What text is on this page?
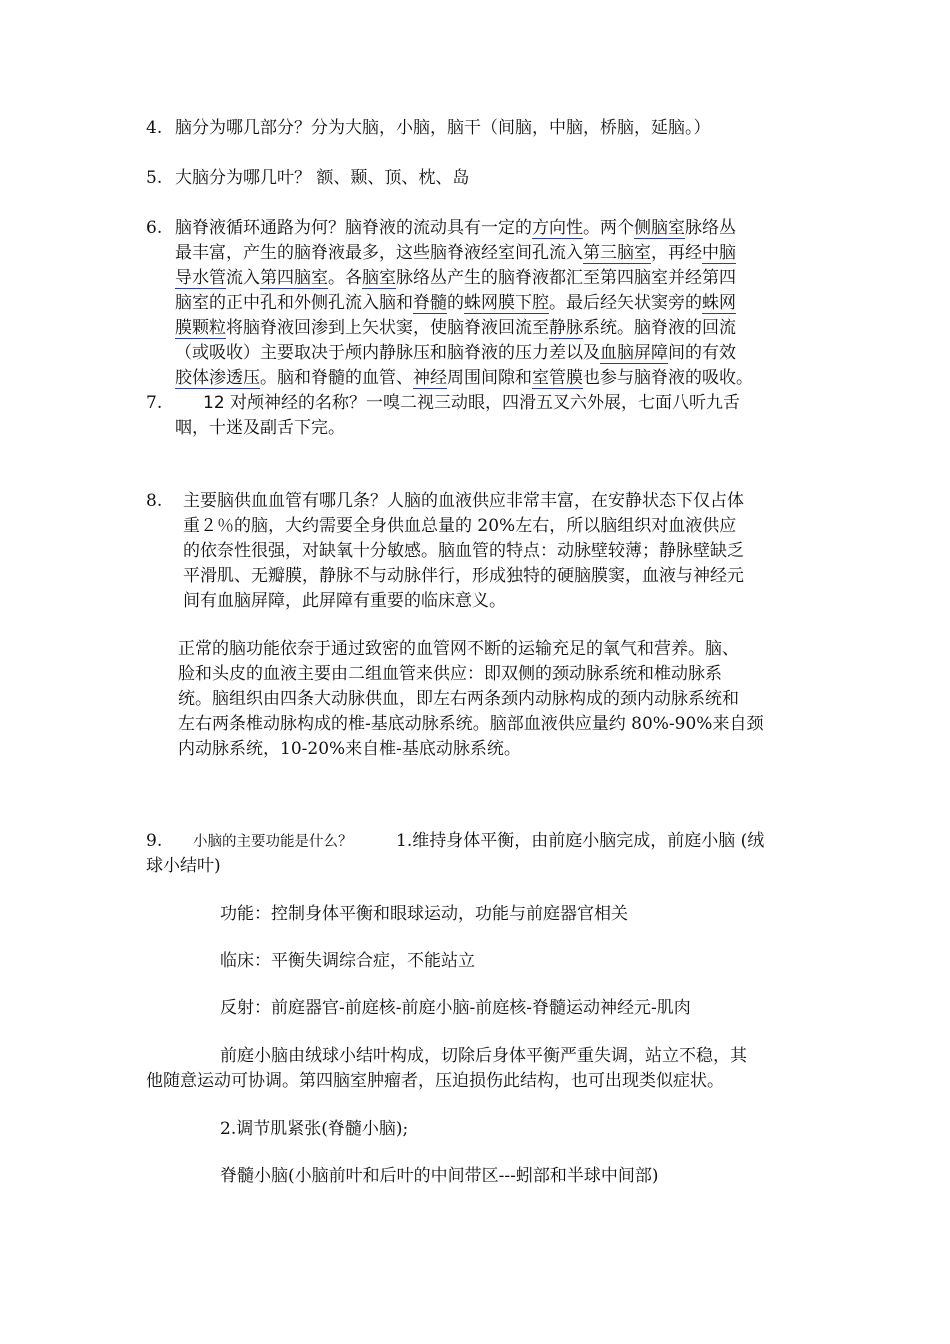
4. 脑分为哪几部分？分为大脑，小脑，脑干（间脑，中脑，桥脑，延脑。）
5. 大脑分为哪几叶？ 额、颞、顶、枕、岛
6. 脑脊液循环通路为何？脑脊液的流动具有一定的方向性。两个侧脑室脉络丛
最丰富，产生的脑脊液最多，这些脑脊液经室间孔流入第三脑室，再经中脑
导水管流入第四脑室。各脑室脉络丛产生的脑脊液都汇至第四脑室并经第四
脑室的正中孔和外侧孔流入脑和脊髓的蛛网膜下腔。最后经矢状窦旁的蛛网
膜颗粒将脑脊液回渗到上矢状窦，使脑脊液回流至静脉系统。脑脊液的回流
（或吸收）主要取决于颅内静脉压和脑脊液的压力差以及血脑屏障间的有效
胶体渗透压。脑和脊髓的血管、神经周围间隙和室管膜也参与脑脊液的吸收。
7.	12 对颅神经的名称？一嗅二视三动眼，四滑五叉六外展，七面八听九舌
咽，十迷及副舌下完。
8. 主要脑供血血管有哪几条？人脑的血液供应非常丰富，在安静状态下仅占体
重２％的脑，大约需要全身供血总量的 20%左右，所以脑组织对血液供应
的依奈性很强，对缺氧十分敏感。脑血管的特点：动脉壁较薄；静脉壁缺乏
平滑肌、无瓣膜，静脉不与动脉伴行，形成独特的硬脑膜窦，血液与神经元
间有血脑屏障，此屏障有重要的临床意义。
正常的脑功能依奈于通过致密的血管网不断的运输充足的氧气和营养。脑、
脸和头皮的血液主要由二组血管来供应：即双侧的颈动脉系统和椎动脉系
统。脑组织由四条大动脉供血，即左右两条颈内动脉构成的颈内动脉系统和
左右两条椎动脉构成的椎-基底动脉系统。脑部血液供应量约 80%-90%来自颈
内动脉系统，10-20%来自椎-基底动脉系统。
9. 小脑的主要功能是什么？	1.维持身体平衡，由前庭小脑完成，前庭小脑 (绒
球小结叶)
功能：控制身体平衡和眼球运动，功能与前庭器官相关
临床：平衡失调综合症，不能站立
反射：前庭器官-前庭核-前庭小脑-前庭核-脊髓运动神经元-肌肉
前庭小脑由绒球小结叶构成，切除后身体平衡严重失调，站立不稳，其
他随意运动可协调。第四脑室肿瘤者，压迫损伤此结构，也可出现类似症状。
2.调节肌紧张(脊髓小脑);
脊髓小脑(小脑前叶和后叶的中间带区---蚓部和半球中间部)
